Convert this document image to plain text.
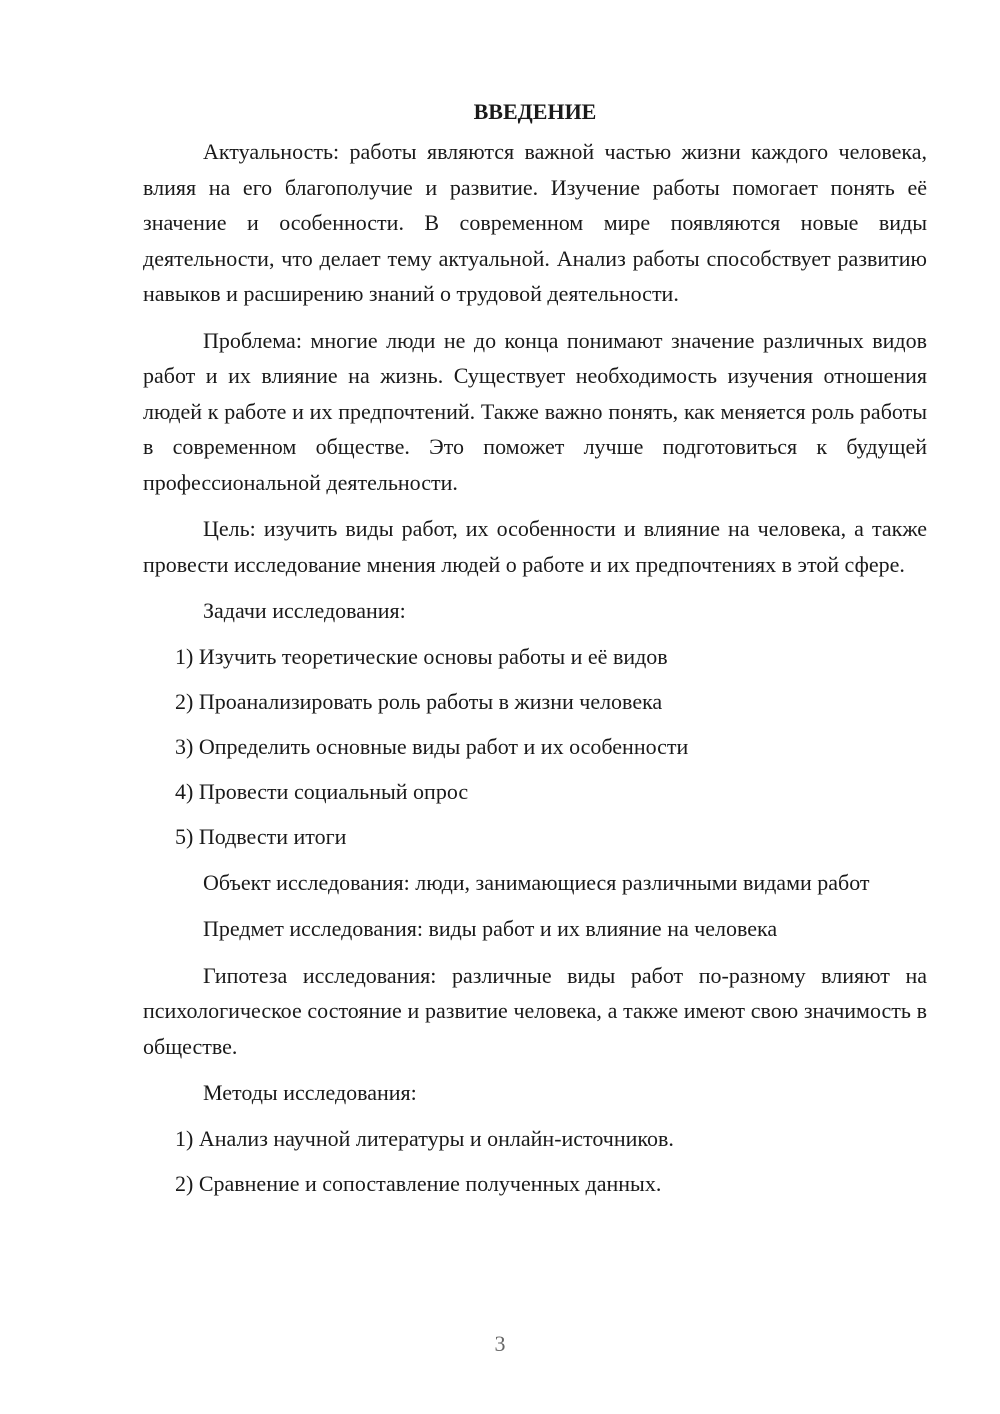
ВВЕДЕНИЕ

Актуальность: работы являются важной частью жизни каждого человека, влияя на его благополучие и развитие. Изучение работы помогает понять её значение и особенности. В современном мире появляются новые виды деятельности, что делает тему актуальной. Анализ работы способствует развитию навыков и расширению знаний о трудовой деятельности.

Проблема: многие люди не до конца понимают значение различных видов работ и их влияние на жизнь. Существует необходимость изучения отношения людей к работе и их предпочтений. Также важно понять, как меняется роль работы в современном обществе. Это поможет лучше подготовиться к будущей профессиональной деятельности.

Цель: изучить виды работ, их особенности и влияние на человека, а также провести исследование мнения людей о работе и их предпочтениях в этой сфере.

Задачи исследования:

1) Изучить теоретические основы работы и её видов
2) Проанализировать роль работы в жизни человека
3) Определить основные виды работ и их особенности
4) Провести социальный опрос
5) Подвести итоги

Объект исследования: люди, занимающиеся различными видами работ

Предмет исследования: виды работ и их влияние на человека

Гипотеза исследования: различные виды работ по-разному влияют на психологическое состояние и развитие человека, а также имеют свою значимость в обществе.

Методы исследования:

1) Анализ научной литературы и онлайн-источников.
2) Сравнение и сопоставление полученных данных.
3
